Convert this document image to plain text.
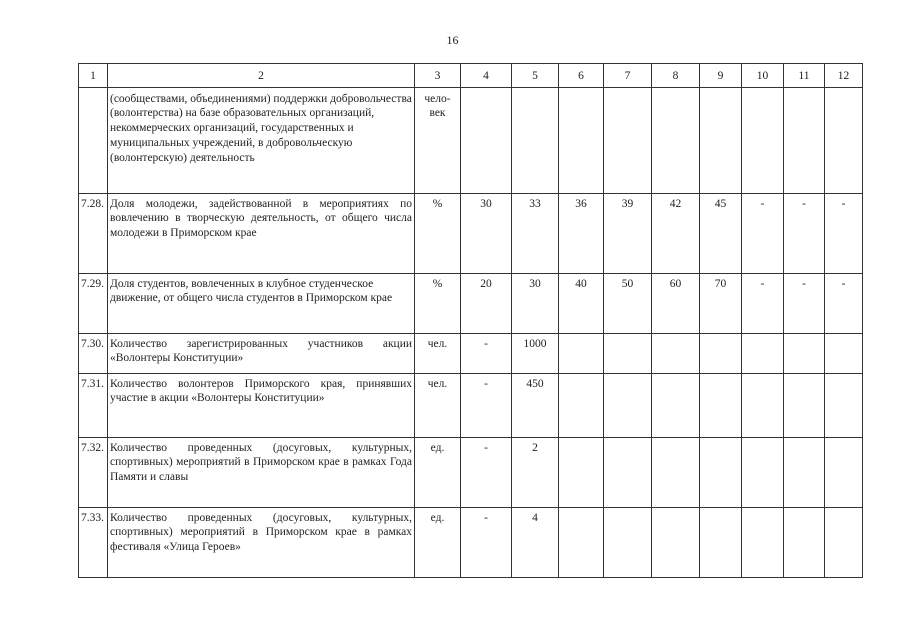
16
1	2	3	4	5	6	7	8	9	10	11	12
	(сообществами, объединениями) поддержки добровольчества (волонтерства) на базе образовательных организаций, некоммерческих организаций, государственных и муниципальных учреждений, в добровольческую (волонтерскую) деятельность	чело-
век									
7.28.	Доля молодежи, задействованной в мероприятиях по вовлечению в творческую деятельность, от общего числа молодежи в Приморском крае	%	30	33	36	39	42	45	-	-	-
7.29.	Доля студентов, вовлеченных в клубное студенческое движение, от общего числа студентов в Приморском крае	%	20	30	40	50	60	70	-	-	-
7.30.	Количество зарегистрированных участников акции «Волонтеры Конституции»	чел.	-	1000							
7.31.	Количество волонтеров Приморского края, принявших участие в акции «Волонтеры Конституции»	чел.	-	450							
7.32.	Количество проведенных (досуговых, культурных, спортивных) мероприятий в Приморском крае в рамках Года Памяти и славы	ед.	-	2							
7.33.	Количество проведенных (досуговых, культурных, спортивных) мероприятий в Приморском крае в рамках фестиваля «Улица Героев»	ед.	-	4							
